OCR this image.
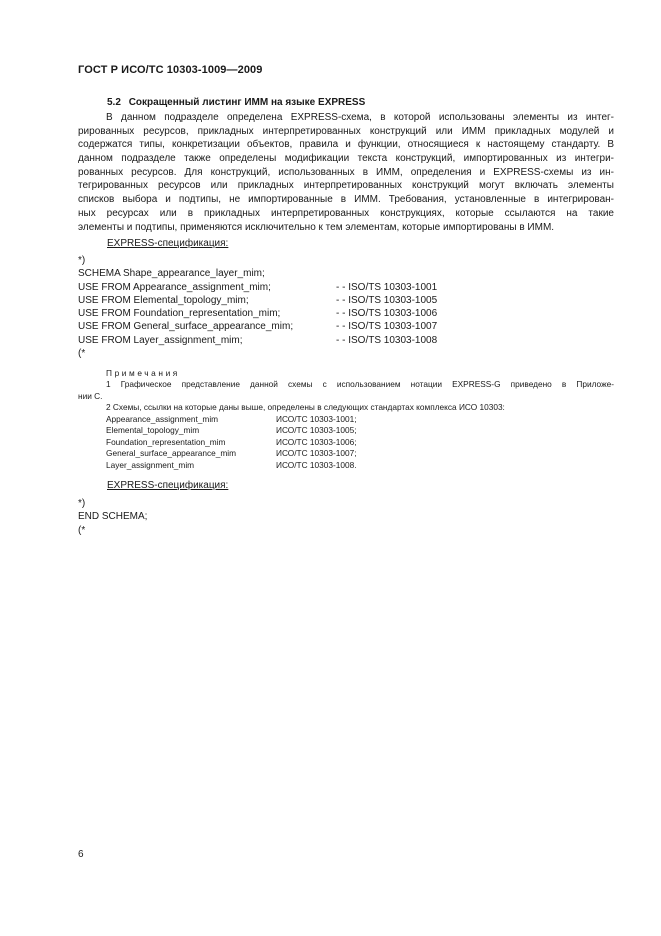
ГОСТ Р ИСО/ТС 10303-1009—2009
5.2 Сокращенный листинг ИММ на языке EXPRESS
В данном подразделе определена EXPRESS-схема, в которой использованы элементы из интег-
рированных ресурсов, прикладных интерпретированных конструкций или ИММ прикладных модулей и
содержатся типы, конкретизации объектов, правила и функции, относящиеся к настоящему стандарту. В
данном подразделе также определены модификации текста конструкций, импортированных из интегри-
рованных ресурсов. Для конструкций, использованных в ИММ, определения и EXPRESS-схемы из ин-
тегрированных ресурсов или прикладных интерпретированных конструкций могут включать элементы
списков выбора и подтипы, не импортированные в ИММ. Требования, установленные в интегрирован-
ных ресурсах или в прикладных интерпретированных конструкциях, которые ссылаются на такие
элементы и подтипы, применяются исключительно к тем элементам, которые импортированы в ИММ.
EXPRESS-спецификация:
*)
SCHEMA Shape_appearance_layer_mim;
USE FROM Appearance_assignment_mim;	- - ISO/TS 10303-1001
USE FROM Elemental_topology_mim;	- - ISO/TS 10303-1005
USE FROM Foundation_representation_mim;	- - ISO/TS 10303-1006
USE FROM General_surface_appearance_mim;	- - ISO/TS 10303-1007
USE FROM Layer_assignment_mim;	- - ISO/TS 10303-1008
(*
Примечания
1 Графическое представление данной схемы с использованием нотации EXPRESS-G приведено в Приложе-
нии С.
2 Схемы, ссылки на которые даны выше, определены в следующих стандартах комплекса ИСО 10303:
Appearance_assignment_mim	ИСО/ТС 10303-1001;
Elemental_topology_mim	ИСО/ТС 10303-1005;
Foundation_representation_mim	ИСО/ТС 10303-1006;
General_surface_appearance_mim	ИСО/ТС 10303-1007;
Layer_assignment_mim	ИСО/ТС 10303-1008.
EXPRESS-спецификация:
*)
END SCHEMA;
(*
6
